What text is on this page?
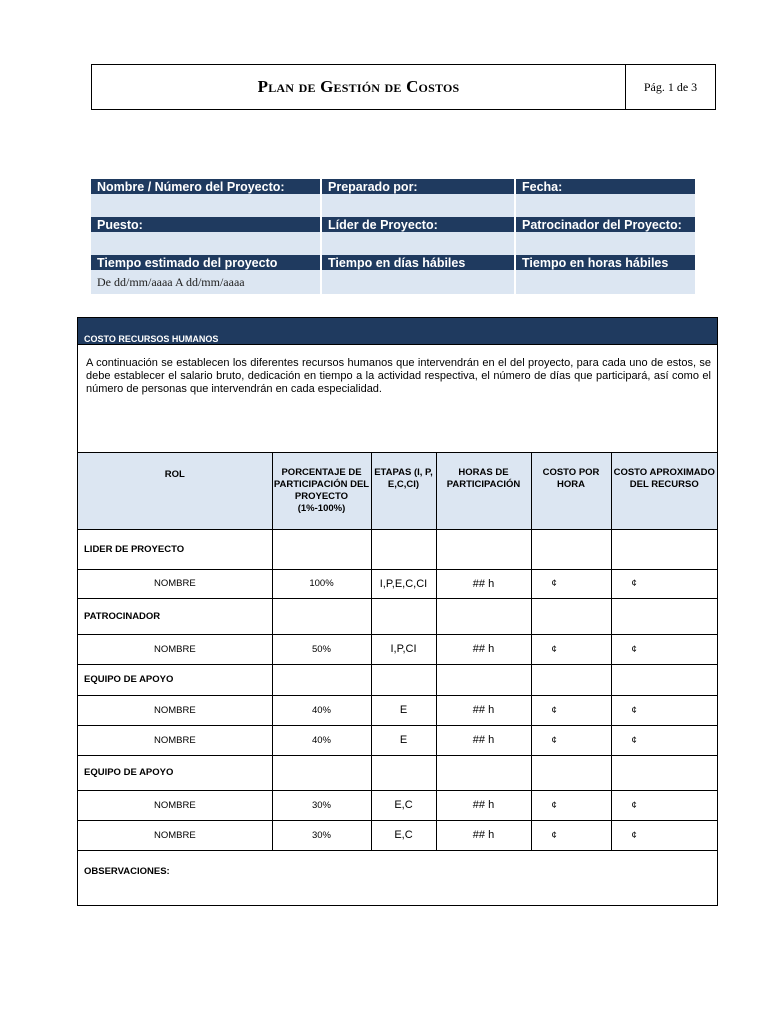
Plan de Gestión de Costos	Pág. 1 de 3
Nombre / Número del Proyecto:	Preparado por:	Fecha:

Puesto:	Líder de Proyecto:	Patrocinador del Proyecto:

Tiempo estimado del proyecto	Tiempo en días hábiles	Tiempo en horas hábiles
De dd/mm/aaaa A dd/mm/aaaa		
COSTO RECURSOS HUMANOS
A continuación se establecen los diferentes recursos humanos que intervendrán en el del proyecto, para cada uno de estos, se debe establecer el salario bruto, dedicación en tiempo a la actividad respectiva, el número de días que participará, así como el número de personas que intervendrán en cada especialidad.
ROL	PORCENTAJE DE PARTICIPACIÓN DEL PROYECTO (1%-100%)	ETAPAS (I, P, E,C,CI)	HORAS DE PARTICIPACIÓN	COSTO POR HORA	COSTO APROXIMADO DEL RECURSO
LIDER DE PROYECTO					
NOMBRE	100%	I,P,E,C,CI	## h	¢	¢
PATROCINADOR					
NOMBRE	50%	I,P,CI	## h	¢	¢
EQUIPO DE APOYO					
NOMBRE	40%	E	## h	¢	¢
NOMBRE	40%	E	## h	¢	¢
EQUIPO DE APOYO					
NOMBRE	30%	E,C	## h	¢	¢
NOMBRE	30%	E,C	## h	¢	¢
OBSERVACIONES:
